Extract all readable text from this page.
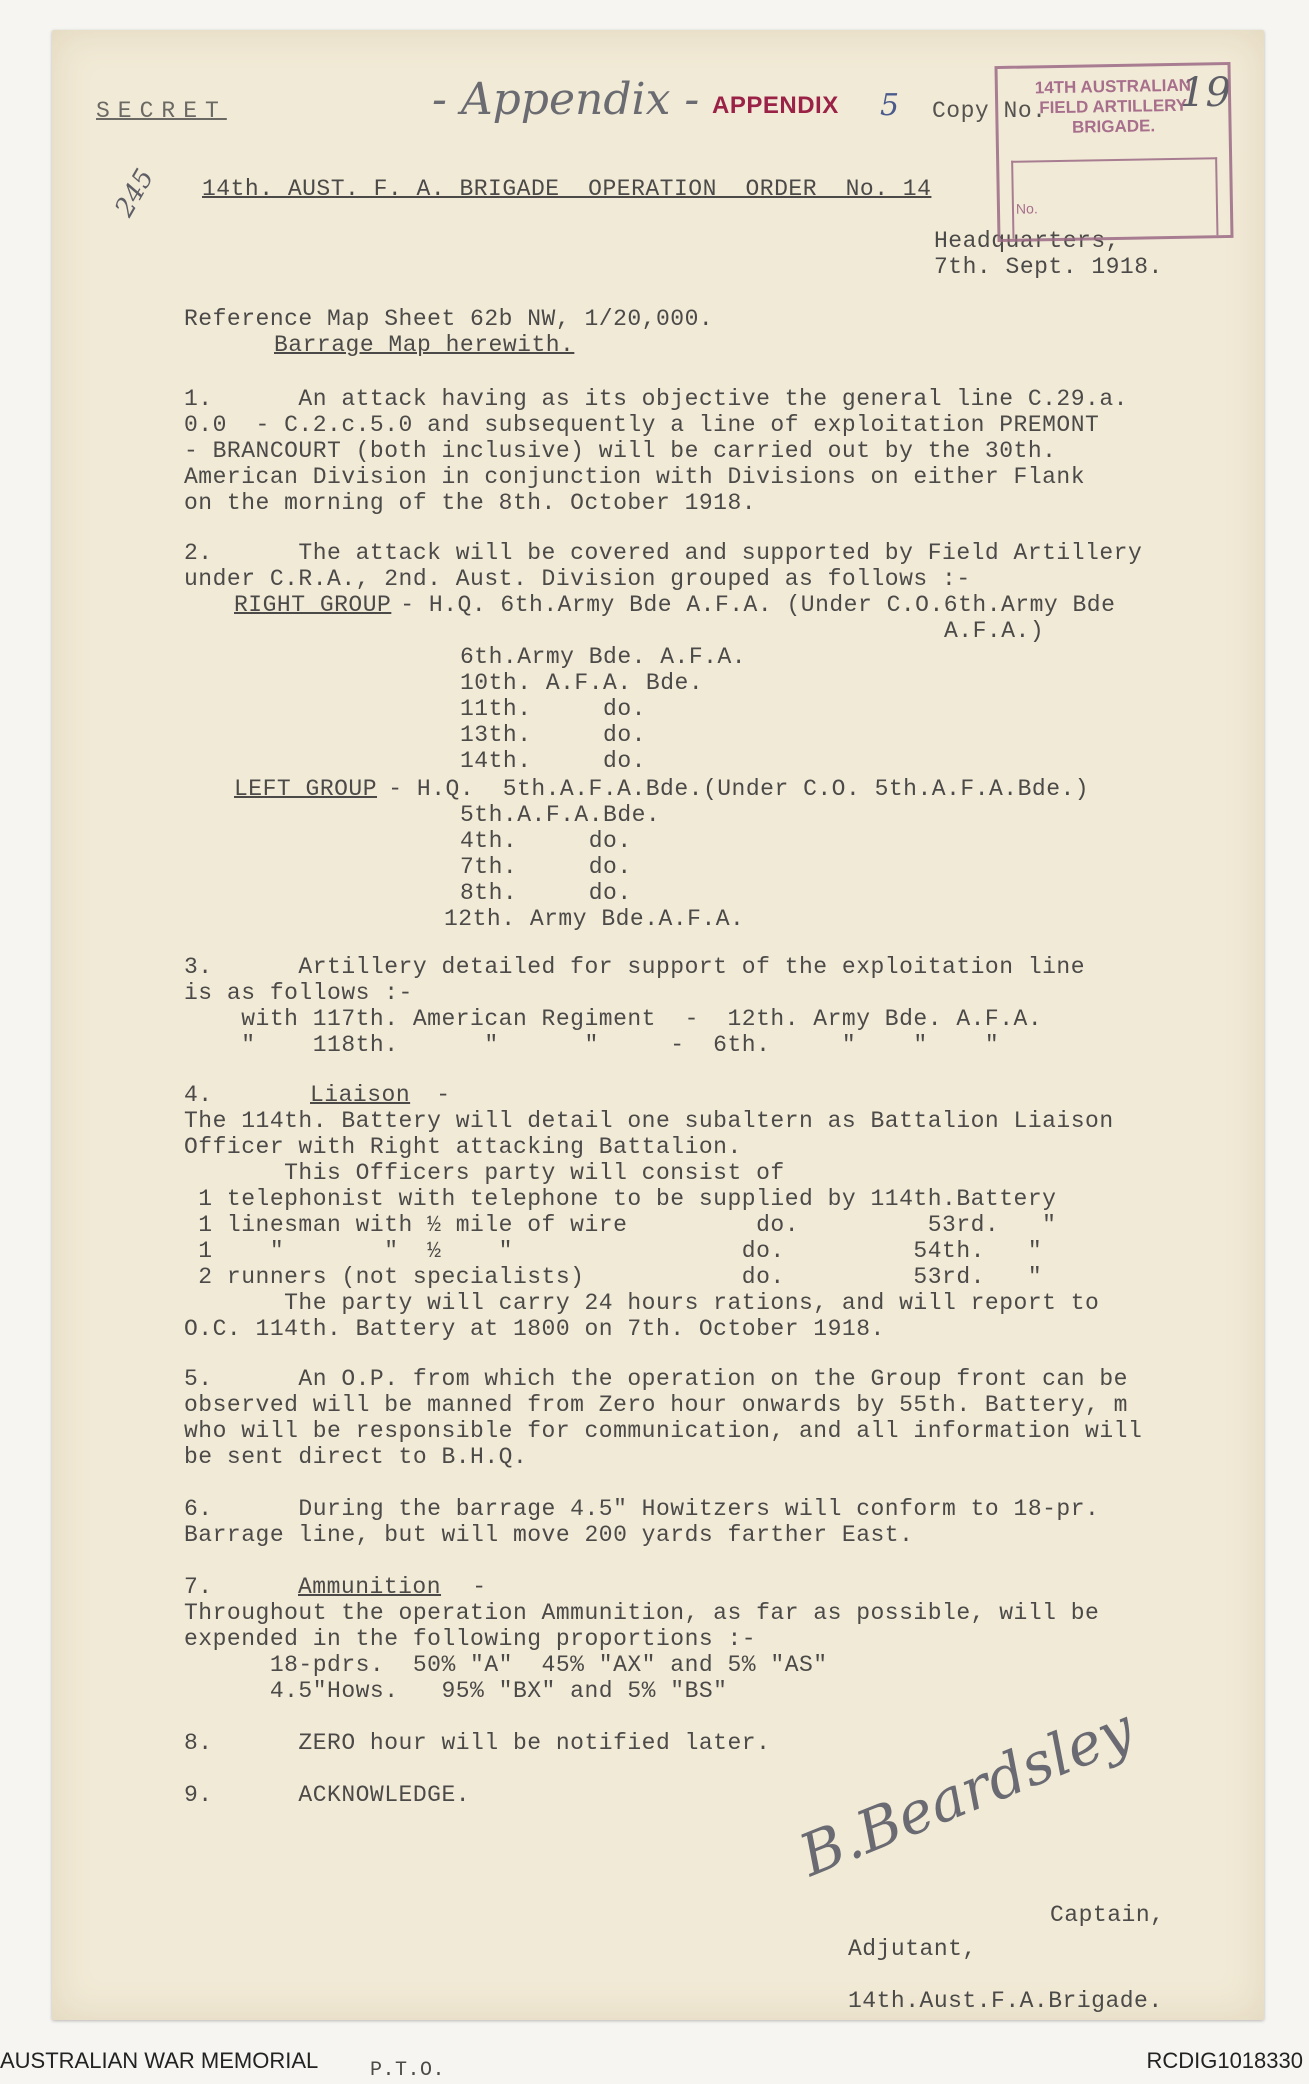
SECRET	- Appendix -
245
19
Copy No.
14th. AUST. F. A. BRIGADE  OPERATION  ORDER  No. 14
Headquarters,
7th. Sept. 1918.
Reference Map Sheet 62b NW, 1/20,000.
Barrage Map herewith.
1.      An attack having as its objective the general line C.29.a.
0.0  - C.2.c.5.0 and subsequently a line of exploitation PREMONT
- BRANCOURT (both inclusive) will be carried out by the 30th.
American Division in conjunction with Divisions on either Flank
on the morning of the 8th. October 1918.
2.      The attack will be covered and supported by Field Artillery
under C.R.A., 2nd. Aust. Division grouped as follows :-
RIGHT GROUP
- H.Q. 6th.Army Bde A.F.A. (Under C.O.6th.Army Bde
A.F.A.)
6th.Army Bde. A.F.A.
10th. A.F.A. Bde.
11th.     do.
13th.     do.
14th.     do.
LEFT GROUP
- H.Q.  5th.A.F.A.Bde.(Under C.O. 5th.A.F.A.Bde.)
5th.A.F.A.Bde.
4th.     do.
7th.     do.
8th.     do.
12th. Army Bde.A.F.A.
3.      Artillery detailed for support of the exploitation line
is as follows :-
with 117th. American Regiment  -  12th. Army Bde. A.F.A.
"    118th.      "      "     -  6th.     "    "    "
4.	Liaison -
The 114th. Battery will detail one subaltern as Battalion Liaison
Officer with Right attacking Battalion.
This Officers party will consist of
1 telephonist with telephone to be supplied by 114th.Battery
1 linesman with ½ mile of wire         do.         53rd.   "
1    "       "  ½    "                do.         54th.   "
2 runners (not specialists)           do.         53rd.   "
The party will carry 24 hours rations, and will report to
O.C. 114th. Battery at 1800 on 7th. October 1918.
5.      An O.P. from which the operation on the Group front can be
observed will be manned from Zero hour onwards by 55th. Battery, m
who will be responsible for communication, and all information will
be sent direct to B.H.Q.
6.      During the barrage 4.5" Howitzers will conform to 18-pr.
Barrage line, but will move 200 yards farther East.
7.	Ammunition -
Throughout the operation Ammunition, as far as possible, will be
expended in the following proportions :-
18-pdrs.  50% "A"  45% "AX" and 5% "AS"
4.5"Hows.   95% "BX" and 5% "BS"
8.      ZERO hour will be notified later.
9.      ACKNOWLEDGE.	B.Beardsley
Captain,
Adjutant,
14th.Aust.F.A.Brigade.
P.T.O.
APPENDIX 5
14TH AUSTRALIAN
FIELD ARTILLERY
BRIGADE.
No.
AUSTRALIAN WAR MEMORIAL	RCDIG1018330
